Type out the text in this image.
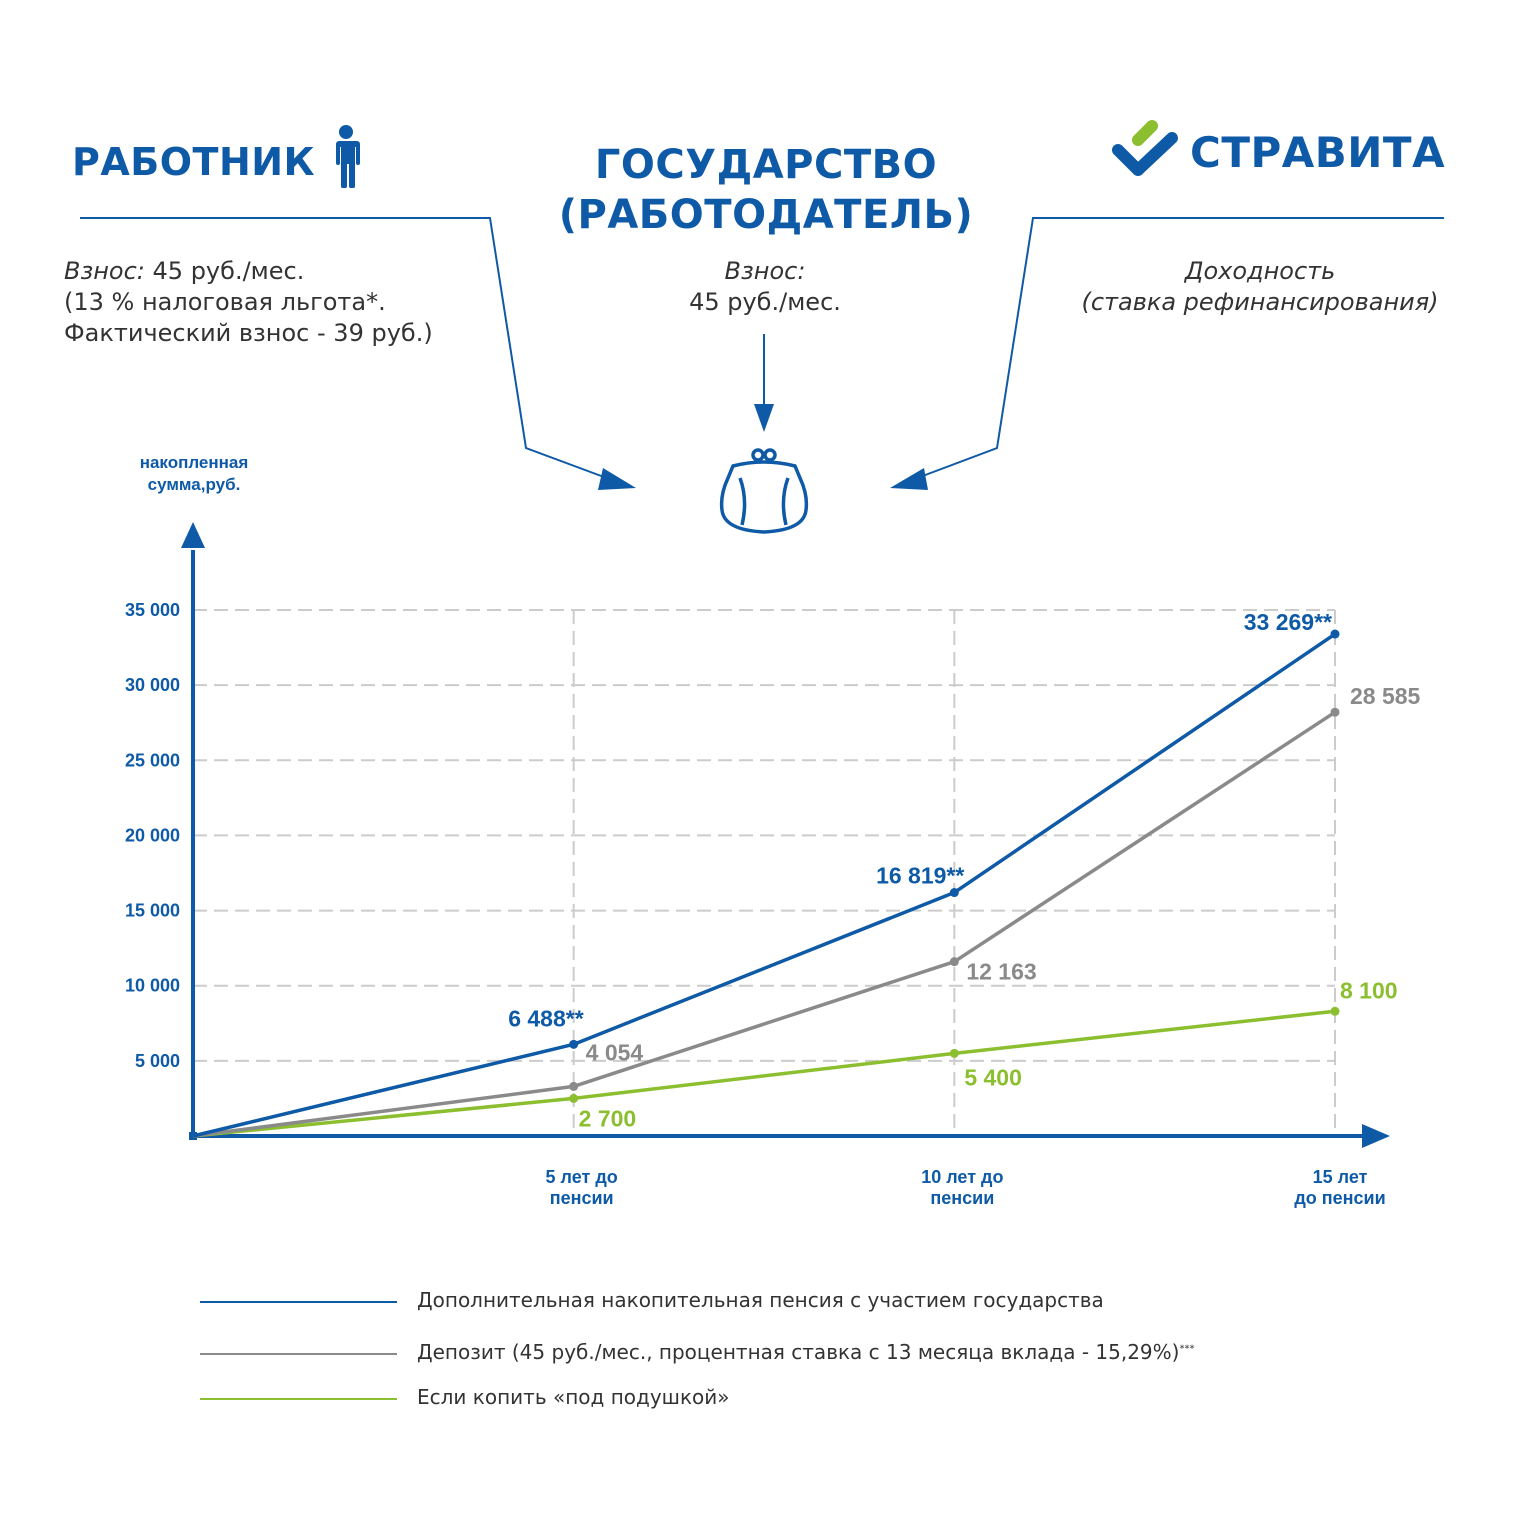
РАБОТНИК	ГОСУДАРСТВО
(РАБОТОДАТЕЛЬ)
СТРАВИТА
Взнос: 45 руб./мес.
(13 % налоговая льгота*.
Фактический взнос - 39 руб.)
Взнос:
45 руб./мес.
Доходность
(ставка рефинансирования)
накопленная сумма,руб.
5 000
10 000
15 000
20 000
25 000
30 000
35 000
5 лет до пенсии
10 лет до пенсии
15 лет до пенсии
6 488**
16 819**
33 269**
4 054
12 163
28 585
2 700
5 400
8 100
Дополнительная накопительная пенсия с участием государства
Депозит (45 руб./мес., процентная ставка с 13 месяца вклада - 15,29%)***
Если копить «под подушкой»
